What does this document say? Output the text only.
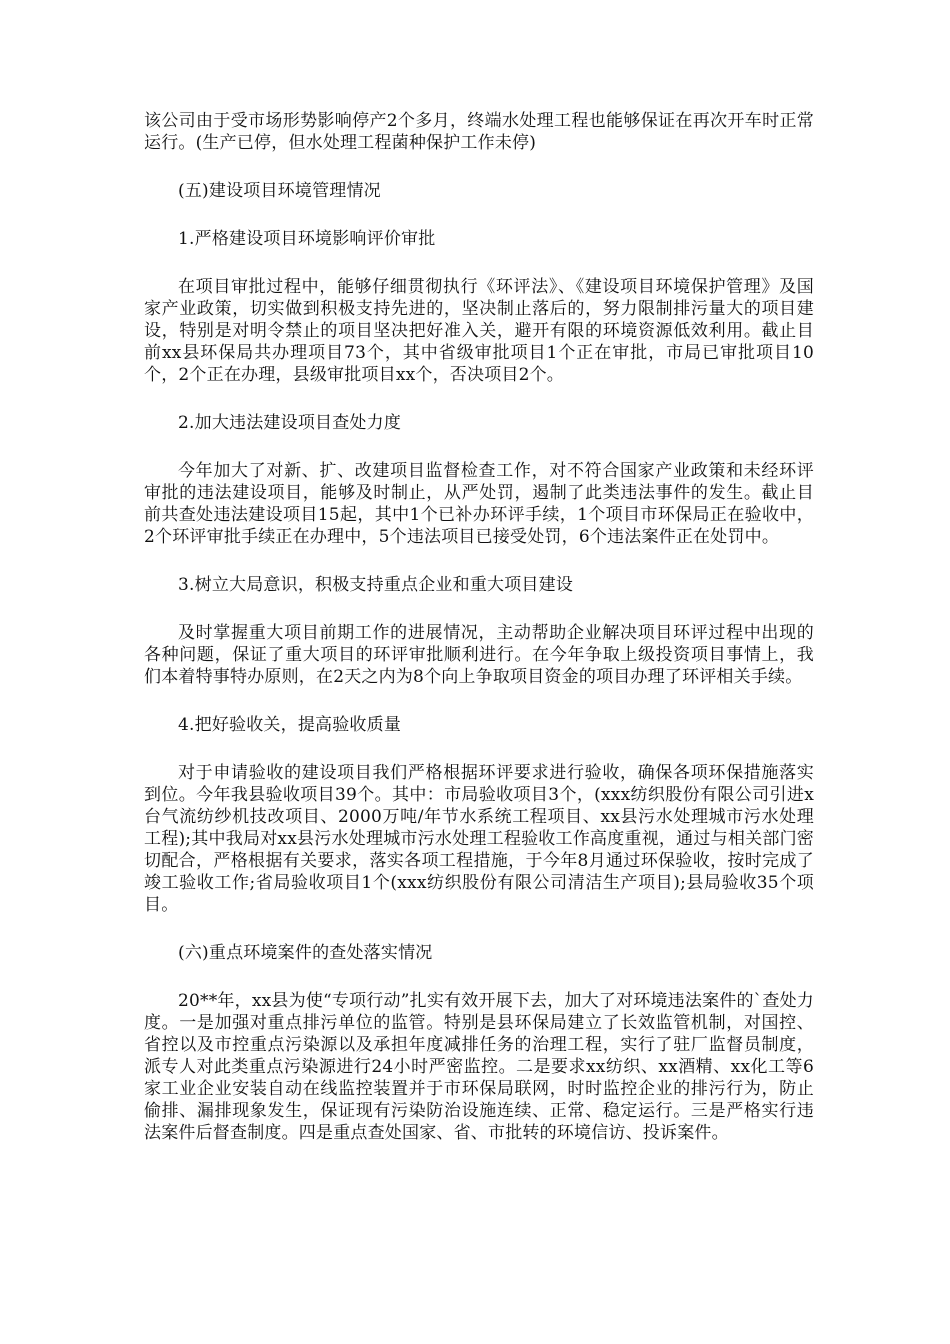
该公司由于受市场形势影响停产2个多月，终端水处理工程也能够保证在再次开车时正常运行。(生产已停，但水处理工程菌种保护工作未停)

(五)建设项目环境管理情况

1.严格建设项目环境影响评价审批

在项目审批过程中，能够仔细贯彻执行《环评法》、《建设项目环境保护管理》及国家产业政策，切实做到积极支持先进的，坚决制止落后的，努力限制排污量大的项目建设，特别是对明令禁止的项目坚决把好准入关，避开有限的环境资源低效利用。截止目前xx县环保局共办理项目73个，其中省级审批项目1个正在审批，市局已审批项目10个，2个正在办理，县级审批项目xx个，否决项目2个。

2.加大违法建设项目查处力度

今年加大了对新、扩、改建项目监督检查工作，对不符合国家产业政策和未经环评审批的违法建设项目，能够及时制止，从严处罚，遏制了此类违法事件的发生。截止目前共查处违法建设项目15起，其中1个已补办环评手续，1个项目市环保局正在验收中，2个环评审批手续正在办理中，5个违法项目已接受处罚，6个违法案件正在处罚中。

3.树立大局意识，积极支持重点企业和重大项目建设

及时掌握重大项目前期工作的进展情况，主动帮助企业解决项目环评过程中出现的各种问题，保证了重大项目的环评审批顺利进行。在今年争取上级投资项目事情上，我们本着特事特办原则，在2天之内为8个向上争取项目资金的项目办理了环评相关手续。

4.把好验收关，提高验收质量

对于申请验收的建设项目我们严格根据环评要求进行验收，确保各项环保措施落实到位。今年我县验收项目39个。其中：市局验收项目3个，(xxx纺织股份有限公司引进x台气流纺纱机技改项目、2000万吨/年节水系统工程项目、xx县污水处理城市污水处理工程);其中我局对xx县污水处理城市污水处理工程验收工作高度重视，通过与相关部门密切配合，严格根据有关要求，落实各项工程措施，于今年8月通过环保验收，按时完成了竣工验收工作;省局验收项目1个(xxx纺织股份有限公司清洁生产项目);县局验收35个项目。

(六)重点环境案件的查处落实情况

20**年，xx县为使“专项行动”扎实有效开展下去，加大了对环境违法案件的`查处力度。一是加强对重点排污单位的监管。特别是县环保局建立了长效监管机制，对国控、省控以及市控重点污染源以及承担年度减排任务的治理工程，实行了驻厂监督员制度，派专人对此类重点污染源进行24小时严密监控。二是要求xx纺织、xx酒精、xx化工等6家工业企业安装自动在线监控装置并于市环保局联网，时时监控企业的排污行为，防止偷排、漏排现象发生，保证现有污染防治设施连续、正常、稳定运行。三是严格实行违法案件后督查制度。四是重点查处国家、省、市批转的环境信访、投诉案件。
